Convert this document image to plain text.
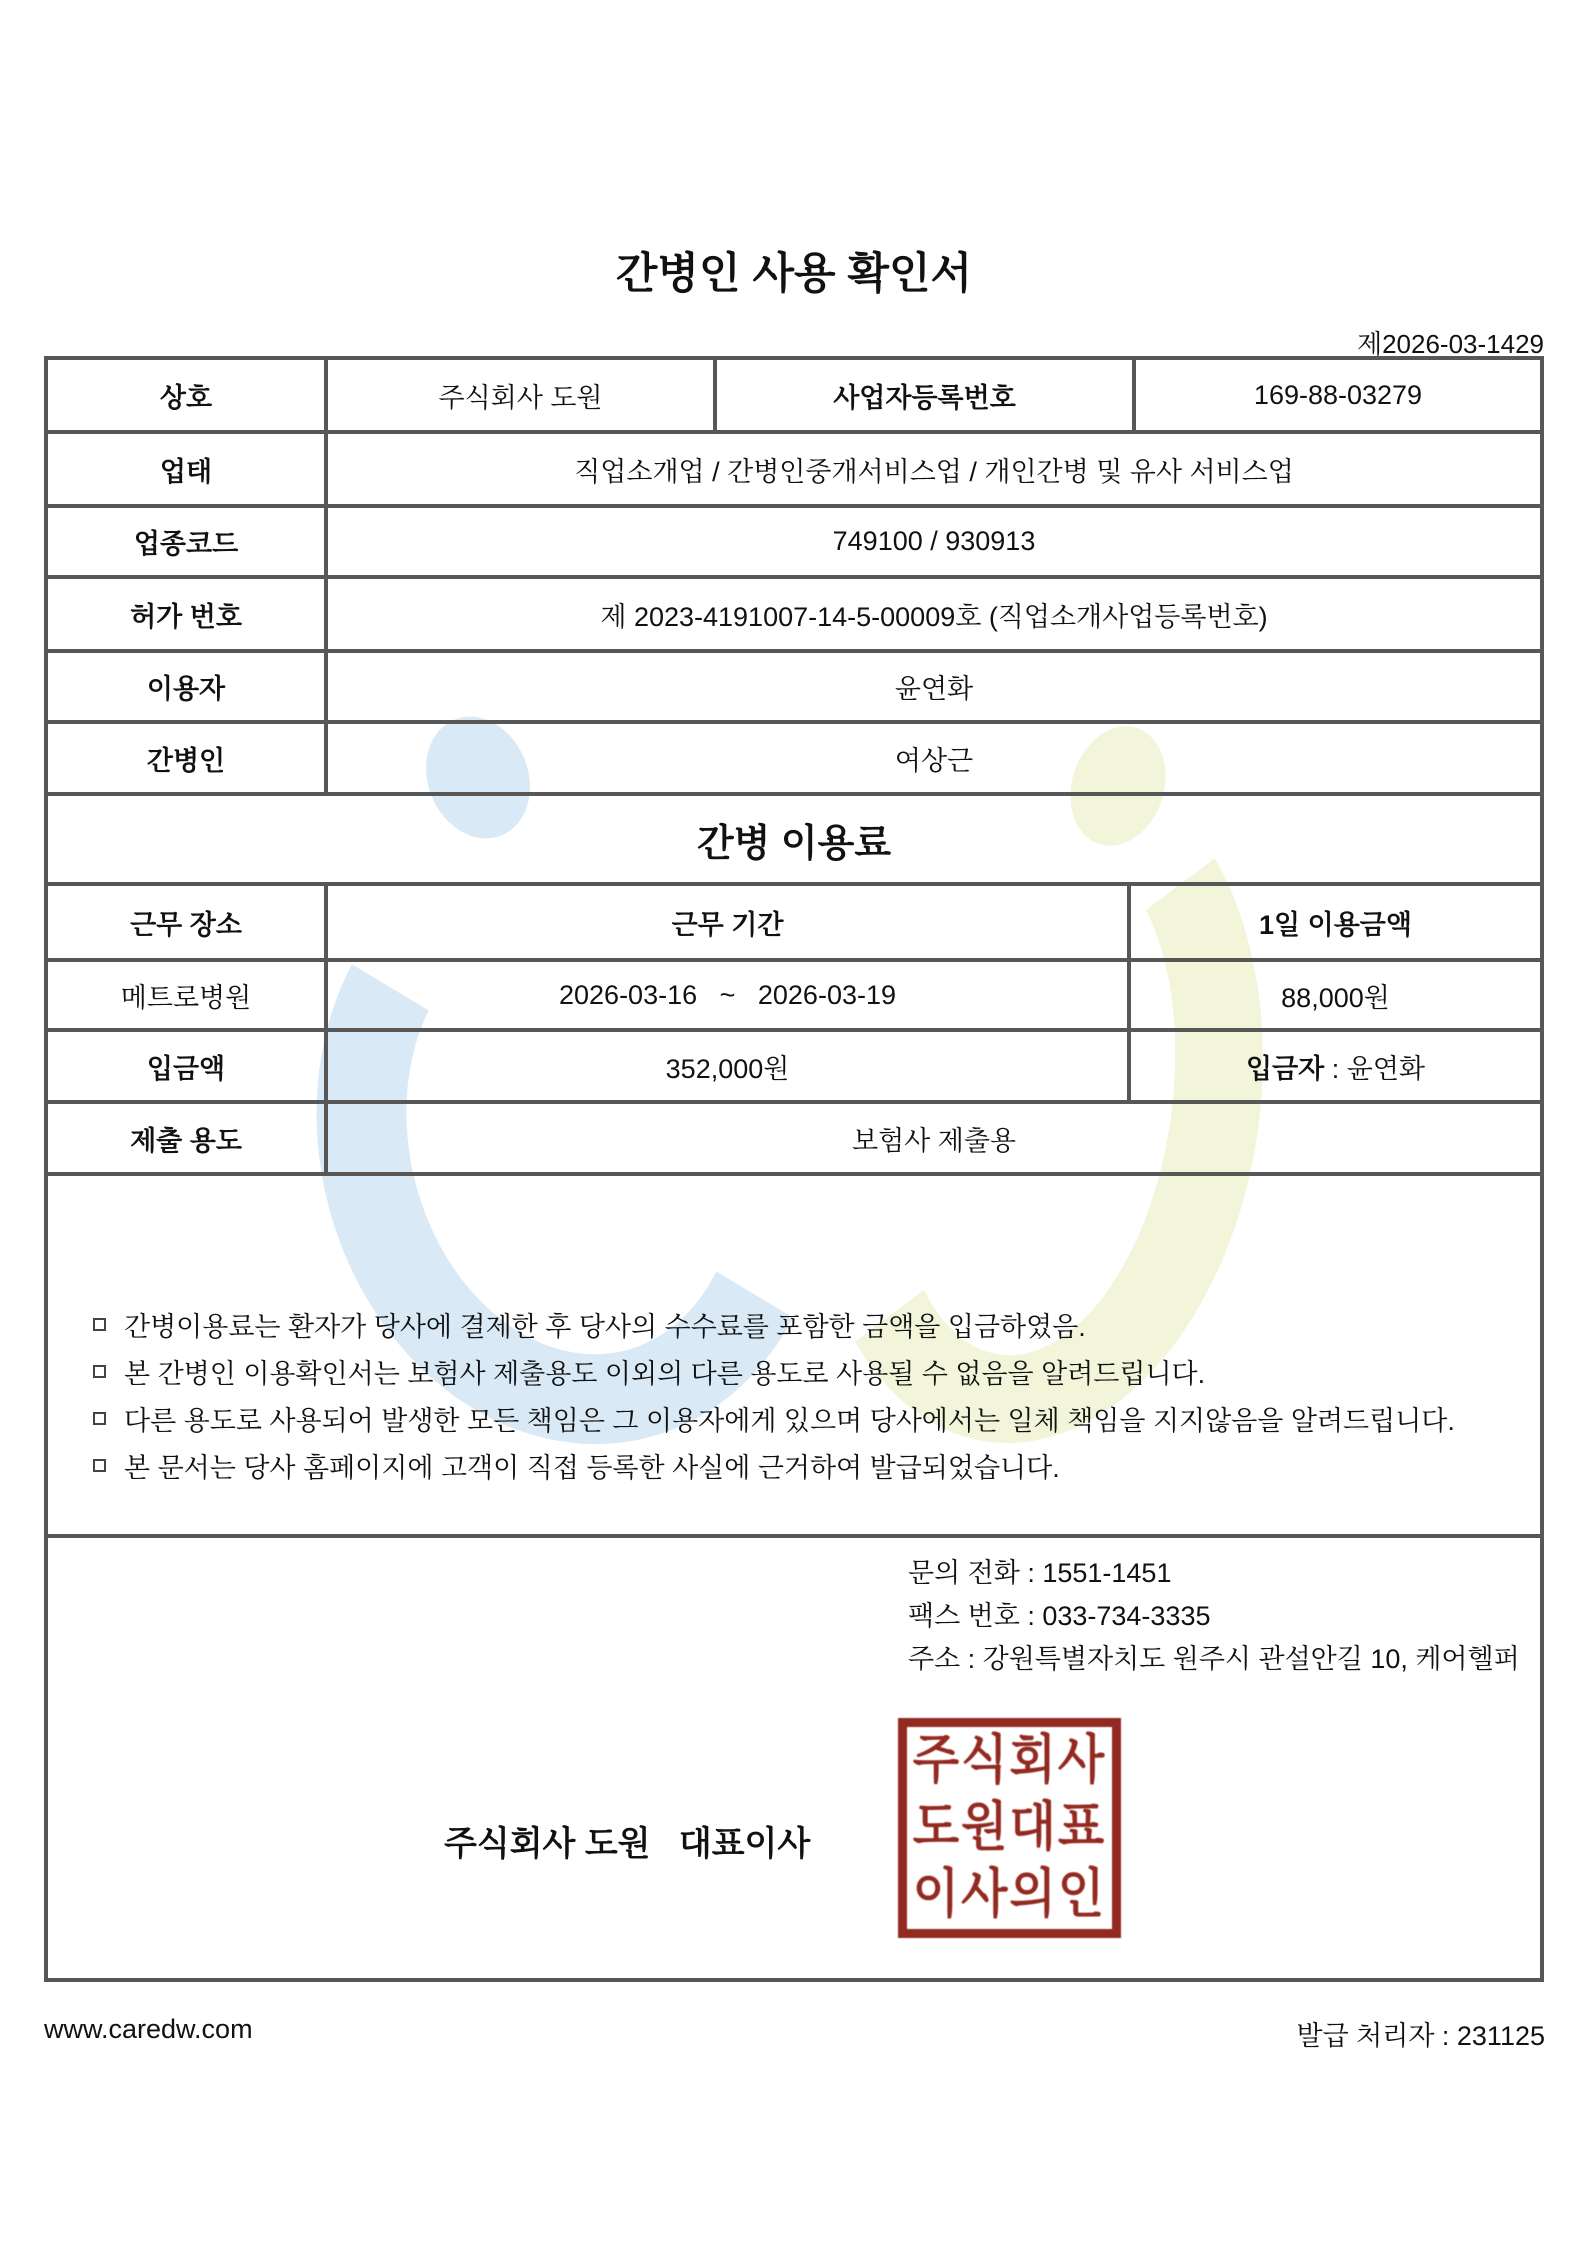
간병인 사용 확인서
제2026-03-1429
상호	주식회사 도원	사업자등록번호	169-88-03279
업태	직업소개업 / 간병인중개서비스업 / 개인간병 및 유사 서비스업
업종코드	749100 / 930913
허가 번호	제 2023-4191007-14-5-00009호 (직업소개사업등록번호)
이용자	윤연화
간병인	여상근
간병 이용료
근무 장소	근무 기간	1일 이용금액
메트로병원	2026-03-16   ~   2026-03-19	88,000원
입금액	352,000원	입금자 : 윤연화
제출 용도	보험사 제출용
간병이용료는 환자가 당사에 결제한 후 당사의 수수료를 포함한 금액을 입금하였음.
본 간병인 이용확인서는 보험사 제출용도 이외의 다른 용도로 사용될 수 없음을 알려드립니다.
다른 용도로 사용되어 발생한 모든 책임은 그 이용자에게 있으며 당사에서는 일체 책임을 지지않음을 알려드립니다.
본 문서는 당사 홈페이지에 고객이 직접 등록한 사실에 근거하여 발급되었습니다.
문의 전화 : 1551-1451
팩스 번호 : 033-734-3335
주소 : 강원특별자치도 원주시 관설안길 10, 케어헬퍼
주식회사 도원   대표이사
주식회사
도원대표
이사의인
www.caredw.com	발급 처리자 : 231125
